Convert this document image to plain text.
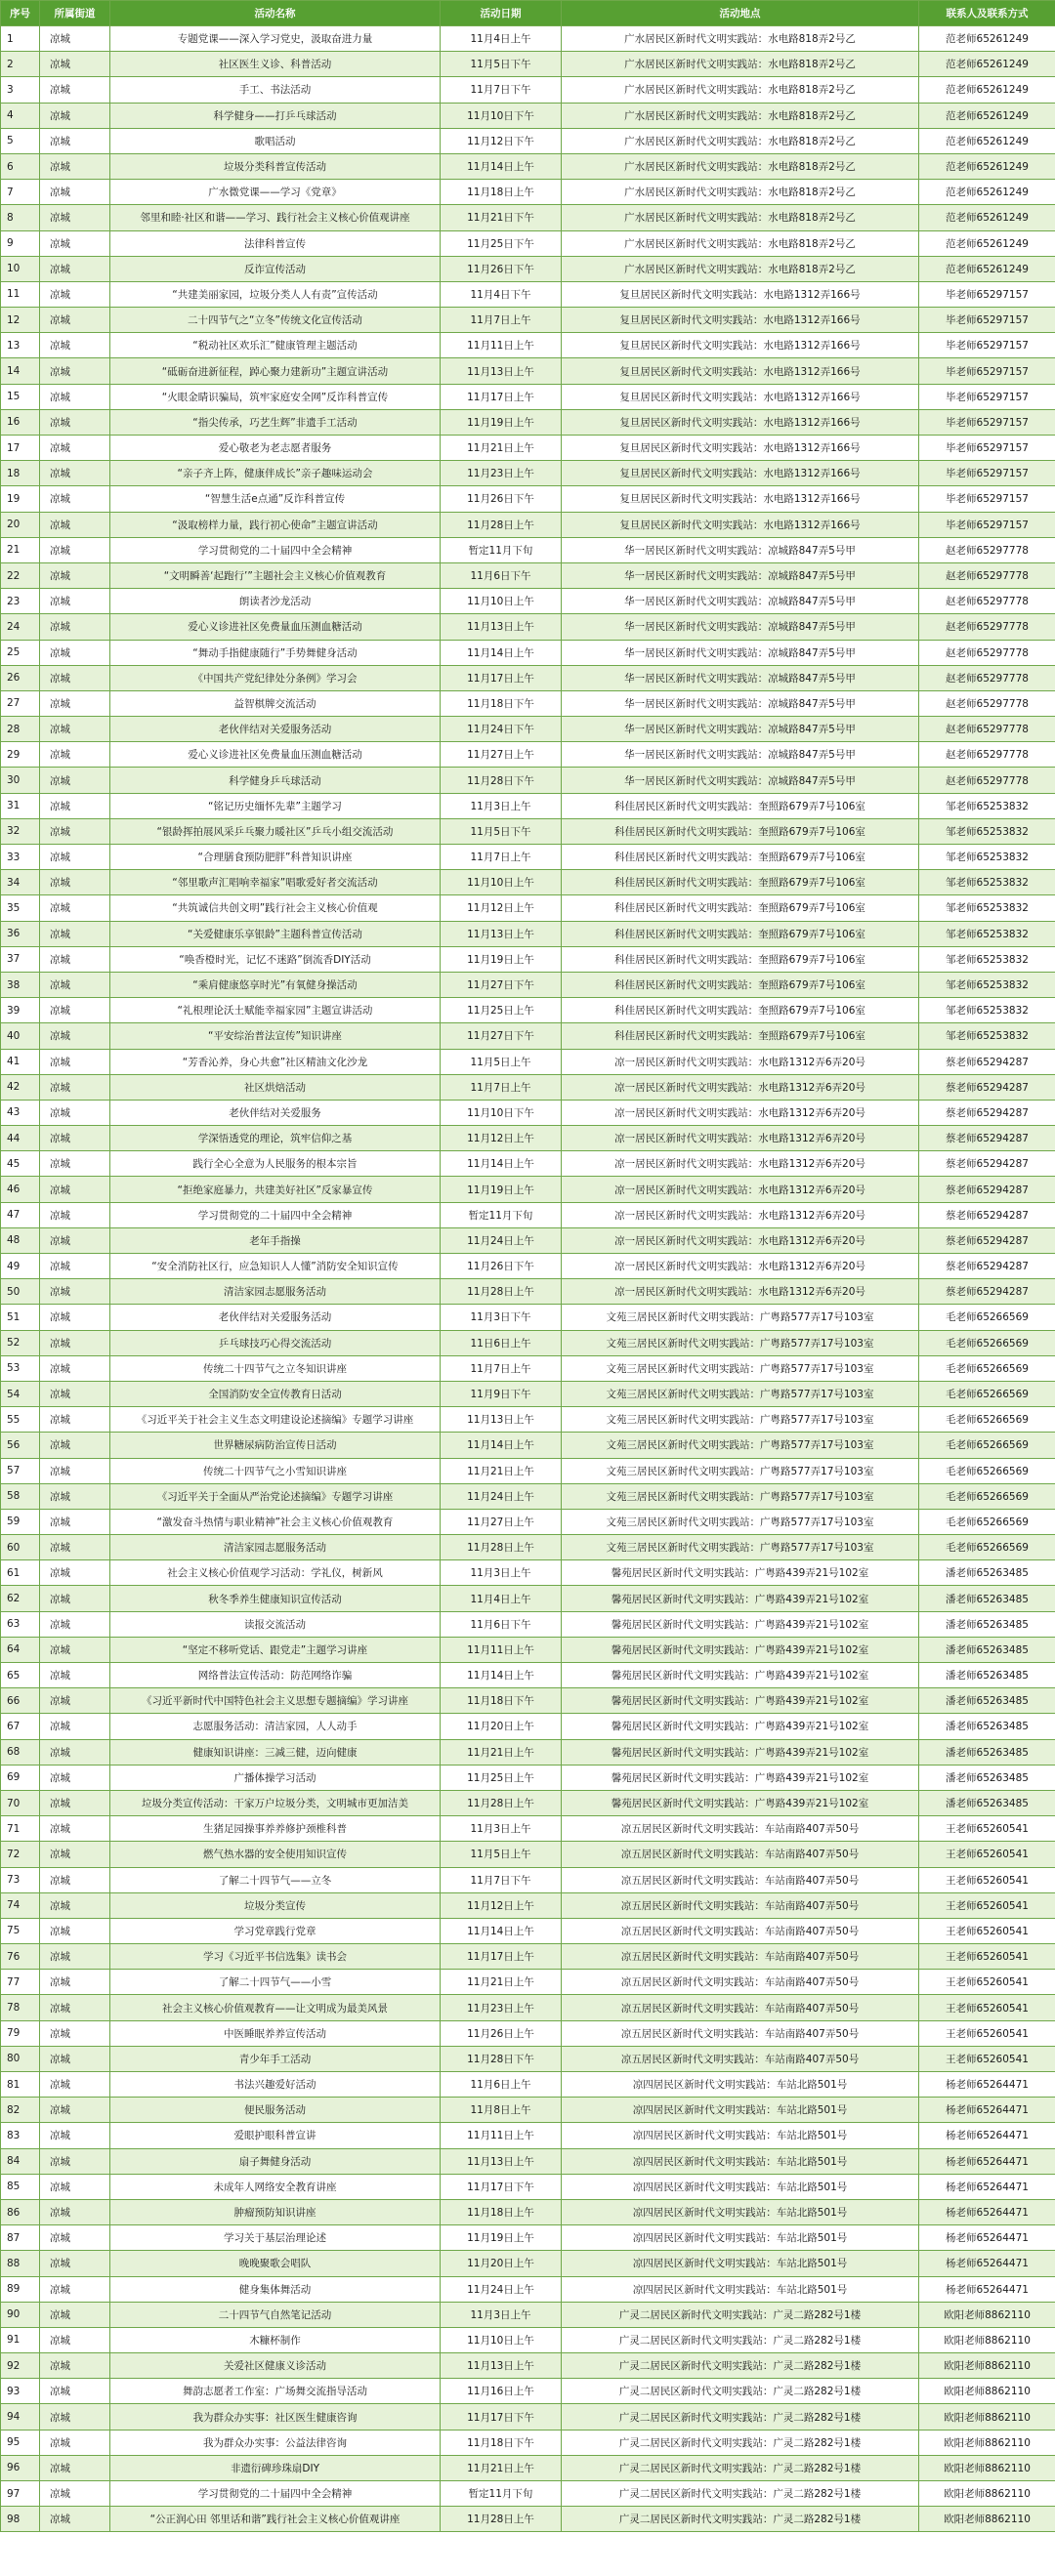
序号	所属街道	活动名称	活动日期	活动地点	联系人及联系方式
1	凉城	专题党课——深入学习党史，汲取奋进力量	11月4日上午	广水居民区新时代文明实践站：水电路818弄2号乙	范老师65261249
2	凉城	社区医生义诊、科普活动	11月5日下午	广水居民区新时代文明实践站：水电路818弄2号乙	范老师65261249
3	凉城	手工、书法活动	11月7日下午	广水居民区新时代文明实践站：水电路818弄2号乙	范老师65261249
4	凉城	科学健身——打乒乓球活动	11月10日下午	广水居民区新时代文明实践站：水电路818弄2号乙	范老师65261249
5	凉城	歌唱活动	11月12日下午	广水居民区新时代文明实践站：水电路818弄2号乙	范老师65261249
6	凉城	垃圾分类科普宣传活动	11月14日上午	广水居民区新时代文明实践站：水电路818弄2号乙	范老师65261249
7	凉城	广水微党课——学习《党章》	11月18日上午	广水居民区新时代文明实践站：水电路818弄2号乙	范老师65261249
8	凉城	邻里和睦·社区和谐——学习、践行社会主义核心价值观讲座	11月21日下午	广水居民区新时代文明实践站：水电路818弄2号乙	范老师65261249
9	凉城	法律科普宣传	11月25日下午	广水居民区新时代文明实践站：水电路818弄2号乙	范老师65261249
10	凉城	反诈宣传活动	11月26日下午	广水居民区新时代文明实践站：水电路818弄2号乙	范老师65261249
11	凉城	“共建美丽家园，垃圾分类人人有责”宣传活动	11月4日下午	复旦居民区新时代文明实践站：水电路1312弄166号	毕老师65297157
12	凉城	二十四节气之“立冬”传统文化宣传活动	11月7日上午	复旦居民区新时代文明实践站：水电路1312弄166号	毕老师65297157
13	凉城	“税动社区欢乐汇”健康管理主题活动	11月11日上午	复旦居民区新时代文明实践站：水电路1312弄166号	毕老师65297157
14	凉城	“砥砺奋进新征程，踔心聚力建新功”主题宣讲活动	11月13日上午	复旦居民区新时代文明实践站：水电路1312弄166号	毕老师65297157
15	凉城	“火眼金睛识骗局，筑牢家庭安全网”反诈科普宣传	11月17日上午	复旦居民区新时代文明实践站：水电路1312弄166号	毕老师65297157
16	凉城	“指尖传承，巧艺生辉”非遗手工活动	11月19日上午	复旦居民区新时代文明实践站：水电路1312弄166号	毕老师65297157
17	凉城	爱心敬老为老志愿者服务	11月21日上午	复旦居民区新时代文明实践站：水电路1312弄166号	毕老师65297157
18	凉城	“亲子齐上阵，健康伴成长”亲子趣味运动会	11月23日上午	复旦居民区新时代文明实践站：水电路1312弄166号	毕老师65297157
19	凉城	“智慧生活e点通”反诈科普宣传	11月26日下午	复旦居民区新时代文明实践站：水电路1312弄166号	毕老师65297157
20	凉城	“汲取榜样力量，践行初心使命”主题宣讲活动	11月28日上午	复旦居民区新时代文明实践站：水电路1312弄166号	毕老师65297157
21	凉城	学习贯彻党的二十届四中全会精神	暂定11月下旬	华一居民区新时代文明实践站：凉城路847弄5号甲	赵老师65297778
22	凉城	“文明瞬善‘起跑行’”主题社会主义核心价值观教育	11月6日下午	华一居民区新时代文明实践站：凉城路847弄5号甲	赵老师65297778
23	凉城	朗读者沙龙活动	11月10日上午	华一居民区新时代文明实践站：凉城路847弄5号甲	赵老师65297778
24	凉城	爱心义诊进社区免费量血压测血糖活动	11月13日上午	华一居民区新时代文明实践站：凉城路847弄5号甲	赵老师65297778
25	凉城	“舞动手指健康随行”手势舞健身活动	11月14日上午	华一居民区新时代文明实践站：凉城路847弄5号甲	赵老师65297778
26	凉城	《中国共产党纪律处分条例》学习会	11月17日上午	华一居民区新时代文明实践站：凉城路847弄5号甲	赵老师65297778
27	凉城	益智棋牌交流活动	11月18日下午	华一居民区新时代文明实践站：凉城路847弄5号甲	赵老师65297778
28	凉城	老伙伴结对关爱服务活动	11月24日下午	华一居民区新时代文明实践站：凉城路847弄5号甲	赵老师65297778
29	凉城	爱心义诊进社区免费量血压测血糖活动	11月27日上午	华一居民区新时代文明实践站：凉城路847弄5号甲	赵老师65297778
30	凉城	科学健身乒乓球活动	11月28日下午	华一居民区新时代文明实践站：凉城路847弄5号甲	赵老师65297778
31	凉城	“铭记历史缅怀先辈”主题学习	11月3日上午	科佳居民区新时代文明实践站：奎照路679弄7号106室	邹老师65253832
32	凉城	“银龄挥拍展风采乒乓聚力暖社区”乒乓小组交流活动	11月5日下午	科佳居民区新时代文明实践站：奎照路679弄7号106室	邹老师65253832
33	凉城	“合理膳食预防肥胖”科普知识讲座	11月7日上午	科佳居民区新时代文明实践站：奎照路679弄7号106室	邹老师65253832
34	凉城	“邻里歌声汇唱响幸福家”唱歌爱好者交流活动	11月10日上午	科佳居民区新时代文明实践站：奎照路679弄7号106室	邹老师65253832
35	凉城	“共筑诚信共创文明”践行社会主义核心价值观	11月12日上午	科佳居民区新时代文明实践站：奎照路679弄7号106室	邹老师65253832
36	凉城	“关爱健康乐享银龄”主题科普宣传活动	11月13日上午	科佳居民区新时代文明实践站：奎照路679弄7号106室	邹老师65253832
37	凉城	“唤香橙时光，记忆不迷路”倒流香DIY活动	11月19日上午	科佳居民区新时代文明实践站：奎照路679弄7号106室	邹老师65253832
38	凉城	“乘肩健康悠享时光”有氧健身操活动	11月27日下午	科佳居民区新时代文明实践站：奎照路679弄7号106室	邹老师65253832
39	凉城	“礼根理论沃土赋能幸福家园”主题宣讲活动	11月25日上午	科佳居民区新时代文明实践站：奎照路679弄7号106室	邹老师65253832
40	凉城	“平安综治普法宣传”知识讲座	11月27日下午	科佳居民区新时代文明实践站：奎照路679弄7号106室	邹老师65253832
41	凉城	“芳香沁养，身心共愈”社区精油文化沙龙	11月5日上午	凉一居民区新时代文明实践站：水电路1312弄6弄20号	蔡老师65294287
42	凉城	社区烘焙活动	11月7日上午	凉一居民区新时代文明实践站：水电路1312弄6弄20号	蔡老师65294287
43	凉城	老伙伴结对关爱服务	11月10日下午	凉一居民区新时代文明实践站：水电路1312弄6弄20号	蔡老师65294287
44	凉城	学深悟透党的理论，筑牢信仰之基	11月12日上午	凉一居民区新时代文明实践站：水电路1312弄6弄20号	蔡老师65294287
45	凉城	践行全心全意为人民服务的根本宗旨	11月14日上午	凉一居民区新时代文明实践站：水电路1312弄6弄20号	蔡老师65294287
46	凉城	“拒绝家庭暴力，共建美好社区”反家暴宣传	11月19日上午	凉一居民区新时代文明实践站：水电路1312弄6弄20号	蔡老师65294287
47	凉城	学习贯彻党的二十届四中全会精神	暂定11月下旬	凉一居民区新时代文明实践站：水电路1312弄6弄20号	蔡老师65294287
48	凉城	老年手指操	11月24日上午	凉一居民区新时代文明实践站：水电路1312弄6弄20号	蔡老师65294287
49	凉城	“安全消防社区行，应急知识人人懂”消防安全知识宣传	11月26日下午	凉一居民区新时代文明实践站：水电路1312弄6弄20号	蔡老师65294287
50	凉城	清洁家园志愿服务活动	11月28日上午	凉一居民区新时代文明实践站：水电路1312弄6弄20号	蔡老师65294287
51	凉城	老伙伴结对关爱服务活动	11月3日下午	文苑三居民区新时代文明实践站：广粤路577弄17号103室	毛老师65266569
52	凉城	乒乓球技巧心得交流活动	11日6日上午	文苑三居民区新时代文明实践站：广粤路577弄17号103室	毛老师65266569
53	凉城	传统二十四节气之立冬知识讲座	11月7日上午	文苑三居民区新时代文明实践站：广粤路577弄17号103室	毛老师65266569
54	凉城	全国消防安全宣传教育日活动	11月9日下午	文苑三居民区新时代文明实践站：广粤路577弄17号103室	毛老师65266569
55	凉城	《习近平关于社会主义生态文明建设论述摘编》专题学习讲座	11月13日上午	文苑三居民区新时代文明实践站：广粤路577弄17号103室	毛老师65266569
56	凉城	世界糖尿病防治宣传日活动	11月14日上午	文苑三居民区新时代文明实践站：广粤路577弄17号103室	毛老师65266569
57	凉城	传统二十四节气之小雪知识讲座	11月21日上午	文苑三居民区新时代文明实践站：广粤路577弄17号103室	毛老师65266569
58	凉城	《习近平关于全面从严治党论述摘编》专题学习讲座	11月24日上午	文苑三居民区新时代文明实践站：广粤路577弄17号103室	毛老师65266569
59	凉城	“激发奋斗热情与职业精神”社会主义核心价值观教育	11月27日上午	文苑三居民区新时代文明实践站：广粤路577弄17号103室	毛老师65266569
60	凉城	清洁家园志愿服务活动	11月28日上午	文苑三居民区新时代文明实践站：广粤路577弄17号103室	毛老师65266569
61	凉城	社会主义核心价值观学习活动：学礼仪，树新风	11月3日上午	馨苑居民区新时代文明实践站：广粤路439弄21号102室	潘老师65263485
62	凉城	秋冬季养生健康知识宣传活动	11月4日上午	馨苑居民区新时代文明实践站：广粤路439弄21号102室	潘老师65263485
63	凉城	读报交流活动	11月6日下午	馨苑居民区新时代文明实践站：广粤路439弄21号102室	潘老师65263485
64	凉城	“坚定不移听党话、跟党走”主题学习讲座	11月11日上午	馨苑居民区新时代文明实践站：广粤路439弄21号102室	潘老师65263485
65	凉城	网络普法宣传活动：防范网络诈骗	11月14日上午	馨苑居民区新时代文明实践站：广粤路439弄21号102室	潘老师65263485
66	凉城	《习近平新时代中国特色社会主义思想专题摘编》学习讲座	11月18日下午	馨苑居民区新时代文明实践站：广粤路439弄21号102室	潘老师65263485
67	凉城	志愿服务活动：清洁家园，人人动手	11月20日上午	馨苑居民区新时代文明实践站：广粤路439弄21号102室	潘老师65263485
68	凉城	健康知识讲座：三减三健，迈向健康	11月21日上午	馨苑居民区新时代文明实践站：广粤路439弄21号102室	潘老师65263485
69	凉城	广播体操学习活动	11月25日上午	馨苑居民区新时代文明实践站：广粤路439弄21号102室	潘老师65263485
70	凉城	垃圾分类宣传活动：干家万户垃圾分类，文明城市更加洁美	11月28日上午	馨苑居民区新时代文明实践站：广粤路439弄21号102室	潘老师65263485
71	凉城	生猪足园操事养养修护颈椎科普	11月3日上午	凉五居民区新时代文明实践站：车站南路407弄50号	王老师65260541
72	凉城	燃气热水器的安全使用知识宣传	11月5日上午	凉五居民区新时代文明实践站：车站南路407弄50号	王老师65260541
73	凉城	了解二十四节气——立冬	11月7日下午	凉五居民区新时代文明实践站：车站南路407弄50号	王老师65260541
74	凉城	垃圾分类宣传	11月12日上午	凉五居民区新时代文明实践站：车站南路407弄50号	王老师65260541
75	凉城	学习党章践行党章	11月14日上午	凉五居民区新时代文明实践站：车站南路407弄50号	王老师65260541
76	凉城	学习《习近平书信选集》读书会	11月17日上午	凉五居民区新时代文明实践站：车站南路407弄50号	王老师65260541
77	凉城	了解二十四节气——小雪	11月21日上午	凉五居民区新时代文明实践站：车站南路407弄50号	王老师65260541
78	凉城	社会主义核心价值观教育——让文明成为最美风景	11月23日上午	凉五居民区新时代文明实践站：车站南路407弄50号	王老师65260541
79	凉城	中医睡眠养养宣传活动	11月26日上午	凉五居民区新时代文明实践站：车站南路407弄50号	王老师65260541
80	凉城	青少年手工活动	11月28日下午	凉五居民区新时代文明实践站：车站南路407弄50号	王老师65260541
81	凉城	书法兴趣爱好活动	11月6日上午	凉四居民区新时代文明实践站：车站北路501号	杨老师65264471
82	凉城	便民服务活动	11月8日上午	凉四居民区新时代文明实践站：车站北路501号	杨老师65264471
83	凉城	爱眼护眼科普宣讲	11月11日上午	凉四居民区新时代文明实践站：车站北路501号	杨老师65264471
84	凉城	扇子舞健身活动	11月13日上午	凉四居民区新时代文明实践站：车站北路501号	杨老师65264471
85	凉城	未成年人网络安全教育讲座	11月17日下午	凉四居民区新时代文明实践站：车站北路501号	杨老师65264471
86	凉城	肿瘤预防知识讲座	11月18日上午	凉四居民区新时代文明实践站：车站北路501号	杨老师65264471
87	凉城	学习关于基层治理论述	11月19日上午	凉四居民区新时代文明实践站：车站北路501号	杨老师65264471
88	凉城	晚晚聚歌会唱队	11月20日上午	凉四居民区新时代文明实践站：车站北路501号	杨老师65264471
89	凉城	健身集体舞活动	11月24日上午	凉四居民区新时代文明实践站：车站北路501号	杨老师65264471
90	凉城	二十四节气自然笔记活动	11月3日上午	广灵二居民区新时代文明实践站：广灵二路282号1楼	欧阳老师8862110
91	凉城	木糠杯制作	11月10日上午	广灵二居民区新时代文明实践站：广灵二路282号1楼	欧阳老师8862110
92	凉城	关爱社区健康义诊活动	11月13日上午	广灵二居民区新时代文明实践站：广灵二路282号1楼	欧阳老师8862110
93	凉城	舞韵志愿者工作室：广场舞交流指导活动	11月16日上午	广灵二居民区新时代文明实践站：广灵二路282号1楼	欧阳老师8862110
94	凉城	我为群众办实事：社区医生健康咨询	11月17日下午	广灵二居民区新时代文明实践站：广灵二路282号1楼	欧阳老师8862110
95	凉城	我为群众办实事：公益法律咨询	11月18日下午	广灵二居民区新时代文明实践站：广灵二路282号1楼	欧阳老师8862110
96	凉城	非遗衍碑珍珠扇DIY	11月21日上午	广灵二居民区新时代文明实践站：广灵二路282号1楼	欧阳老师8862110
97	凉城	学习贯彻党的二十届四中全会精神	暂定11月下旬	广灵二居民区新时代文明实践站：广灵二路282号1楼	欧阳老师8862110
98	凉城	“公正润心田 邻里话和谐”践行社会主义核心价值观讲座	11月28日上午	广灵二居民区新时代文明实践站：广灵二路282号1楼	欧阳老师8862110
